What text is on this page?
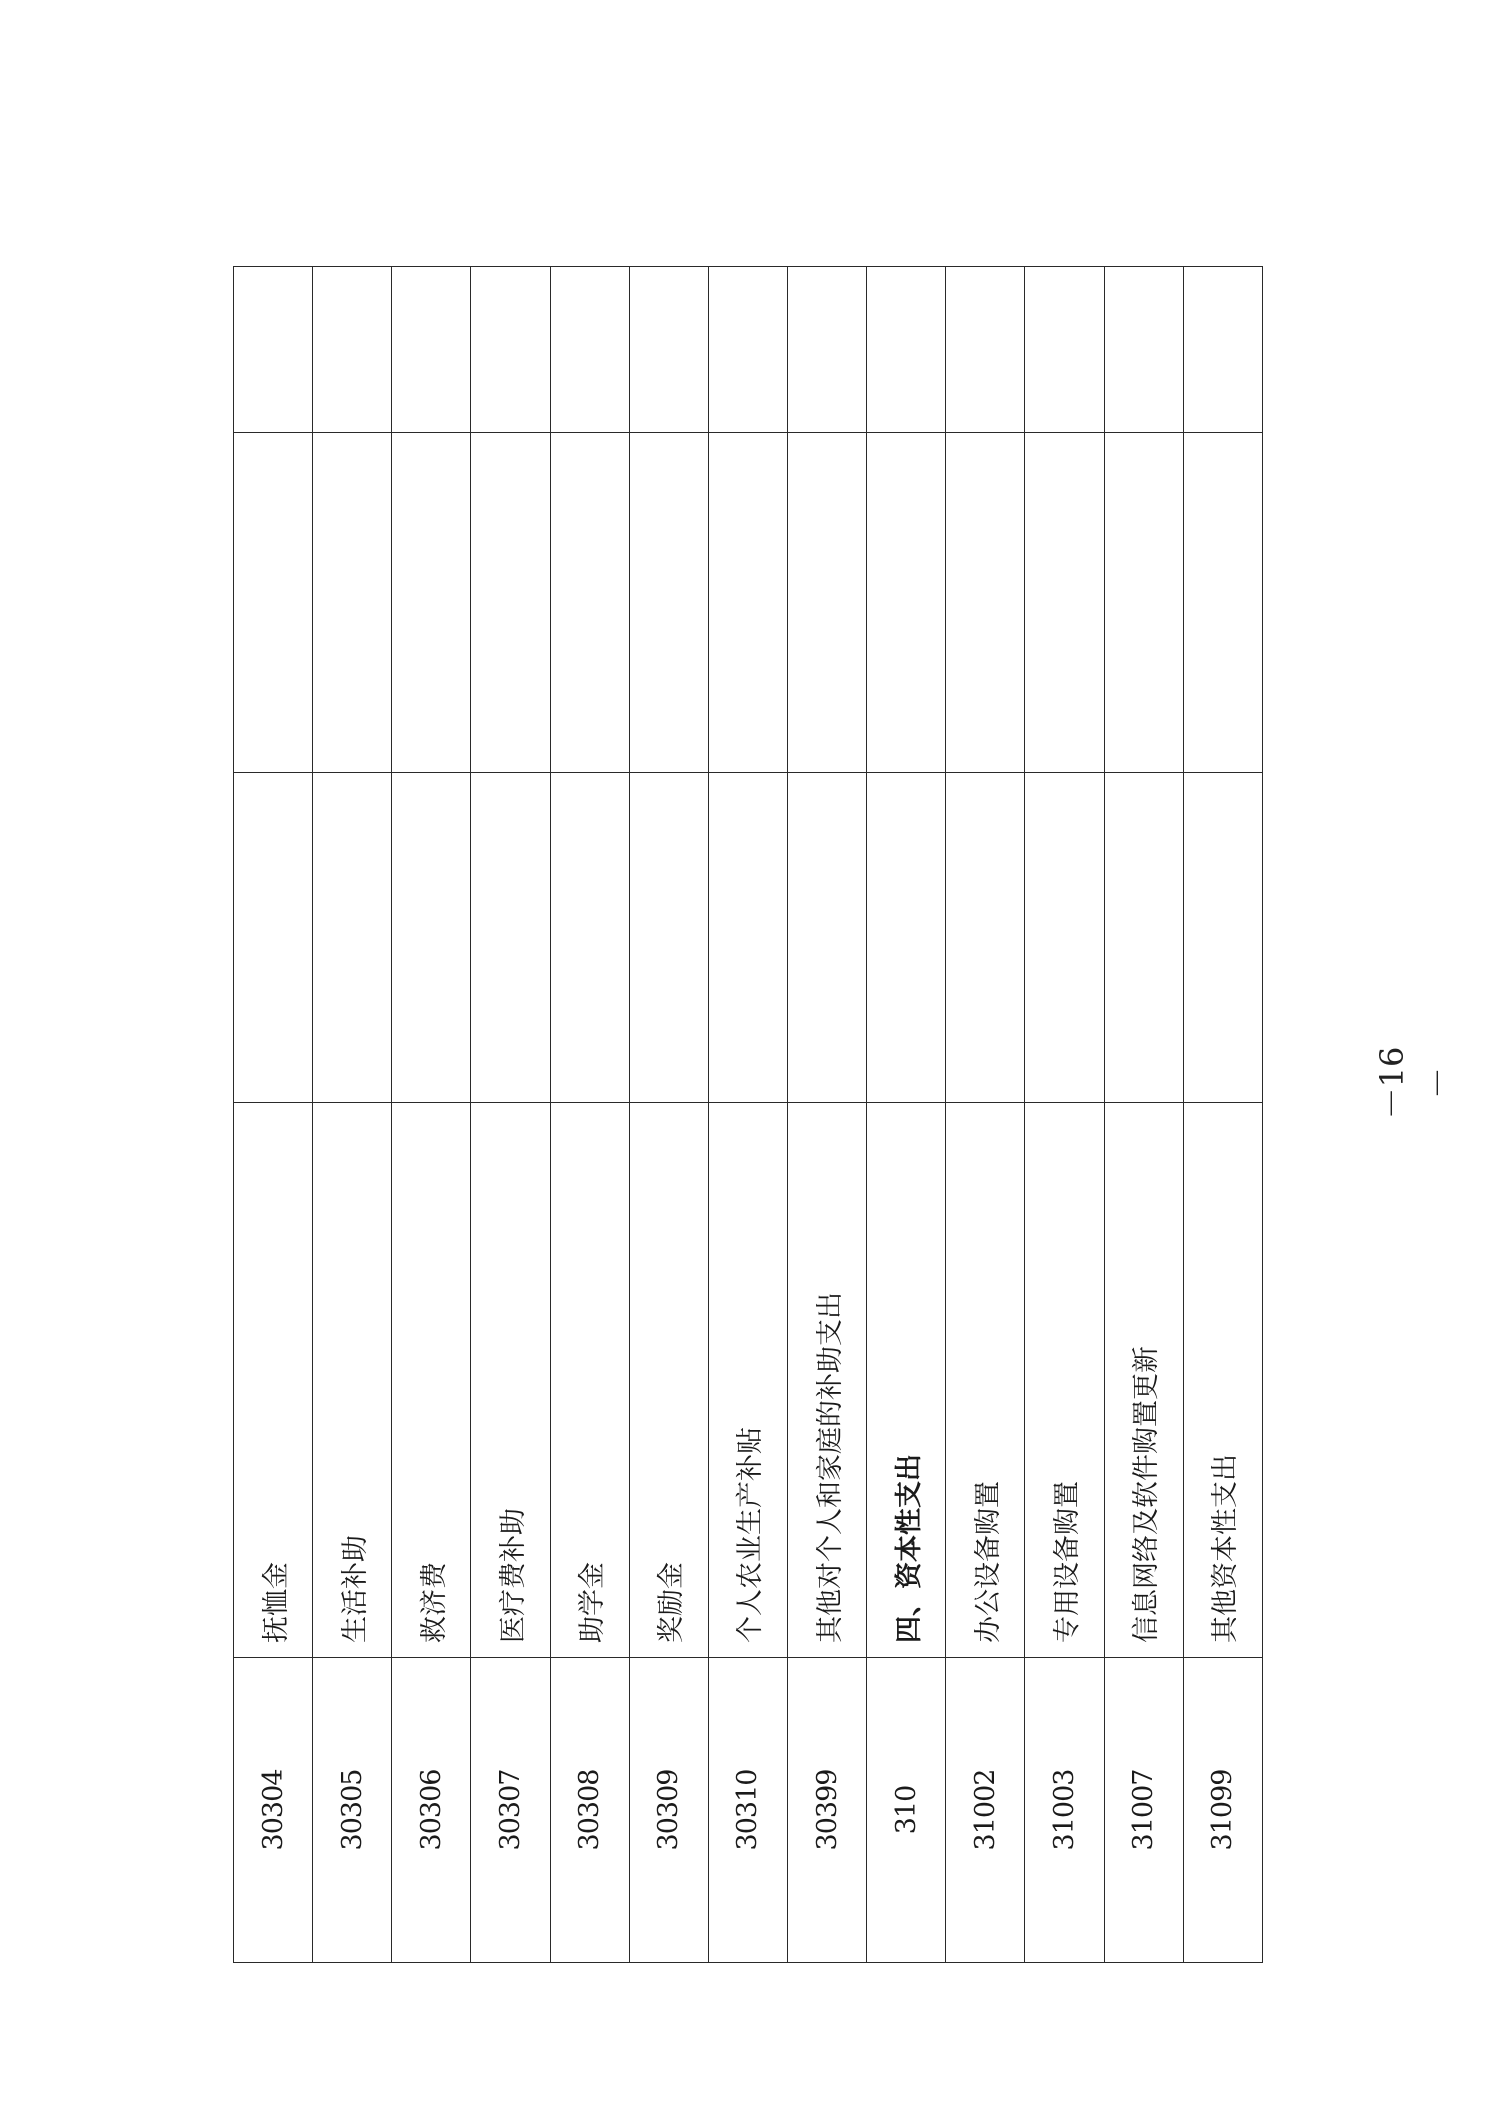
30304	抚恤金			
30305	生活补助			
30306	救济费			
30307	医疗费补助			
30308	助学金			
30309	奖励金			
30310	个人农业生产补贴			
30399	其他对个人和家庭的补助支出			
310	四、资本性支出			
31002	办公设备购置			
31003	专用设备购置			
31007	信息网络及软件购置更新			
31099	其他资本性支出			
－16－
